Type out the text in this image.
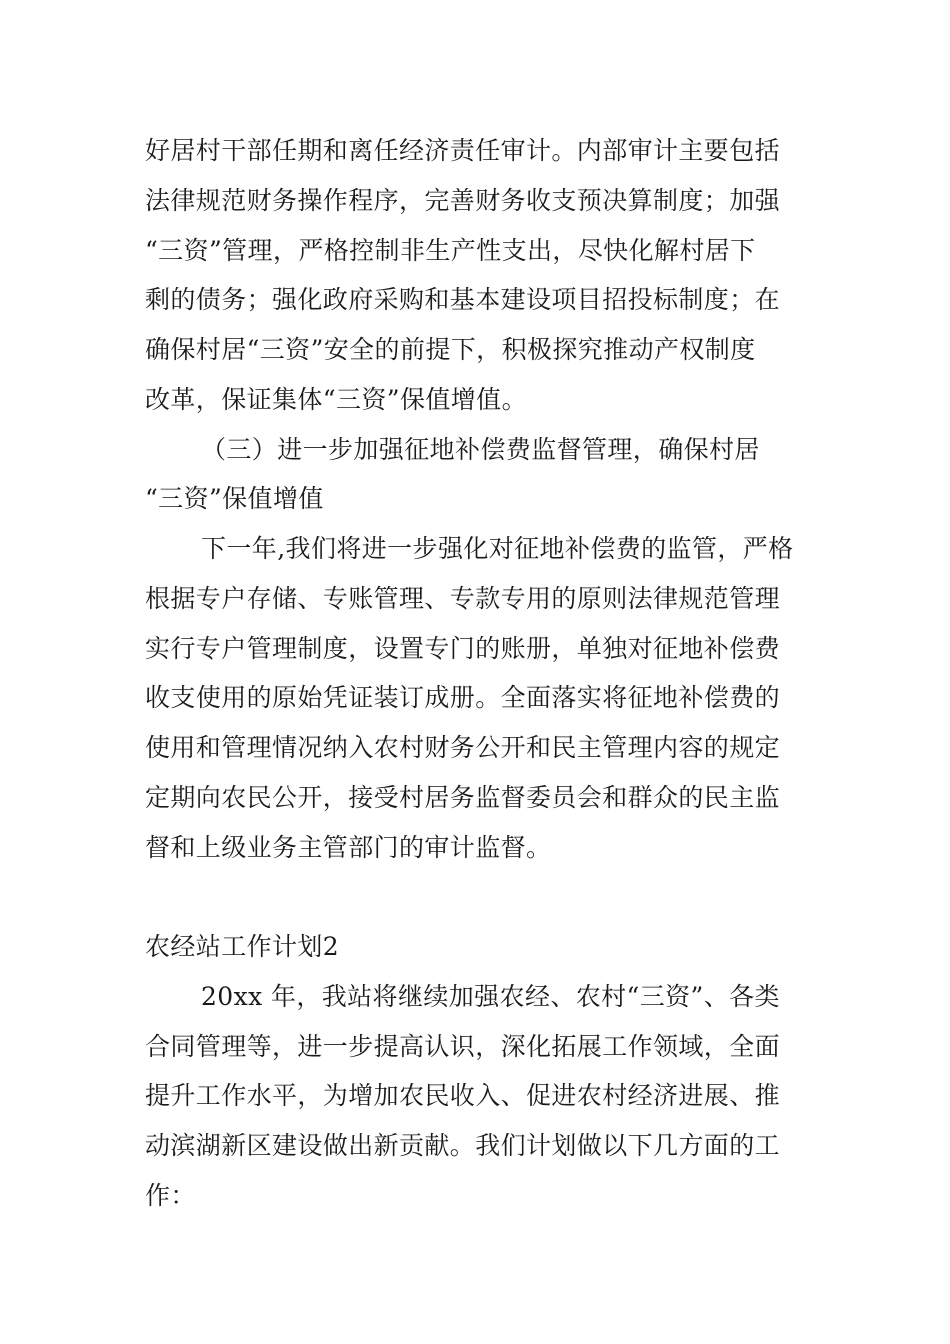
好居村干部任期和离任经济责任审计。内部审计主要包括
法律规范财务操作程序，完善财务收支预决算制度；加强
“三资”管理，严格控制非生产性支出，尽快化解村居下
剩的债务；强化政府采购和基本建设项目招投标制度；在
确保村居“三资”安全的前提下，积极探究推动产权制度
改革，保证集体“三资”保值增值。
（三）进一步加强征地补偿费监督管理，确保村居
“三资”保值增值
下一年,我们将进一步强化对征地补偿费的监管，严格
根据专户存储、专账管理、专款专用的原则法律规范管理
实行专户管理制度，设置专门的账册，单独对征地补偿费
收支使用的原始凭证装订成册。全面落实将征地补偿费的
使用和管理情况纳入农村财务公开和民主管理内容的规定
定期向农民公开，接受村居务监督委员会和群众的民主监
督和上级业务主管部门的审计监督。
农经站工作计划2
20xx 年，我站将继续加强农经、农村“三资”、各类
合同管理等，进一步提高认识，深化拓展工作领域，全面
提升工作水平，为增加农民收入、促进农村经济进展、推
动滨湖新区建设做出新贡献。我们计划做以下几方面的工
作：
